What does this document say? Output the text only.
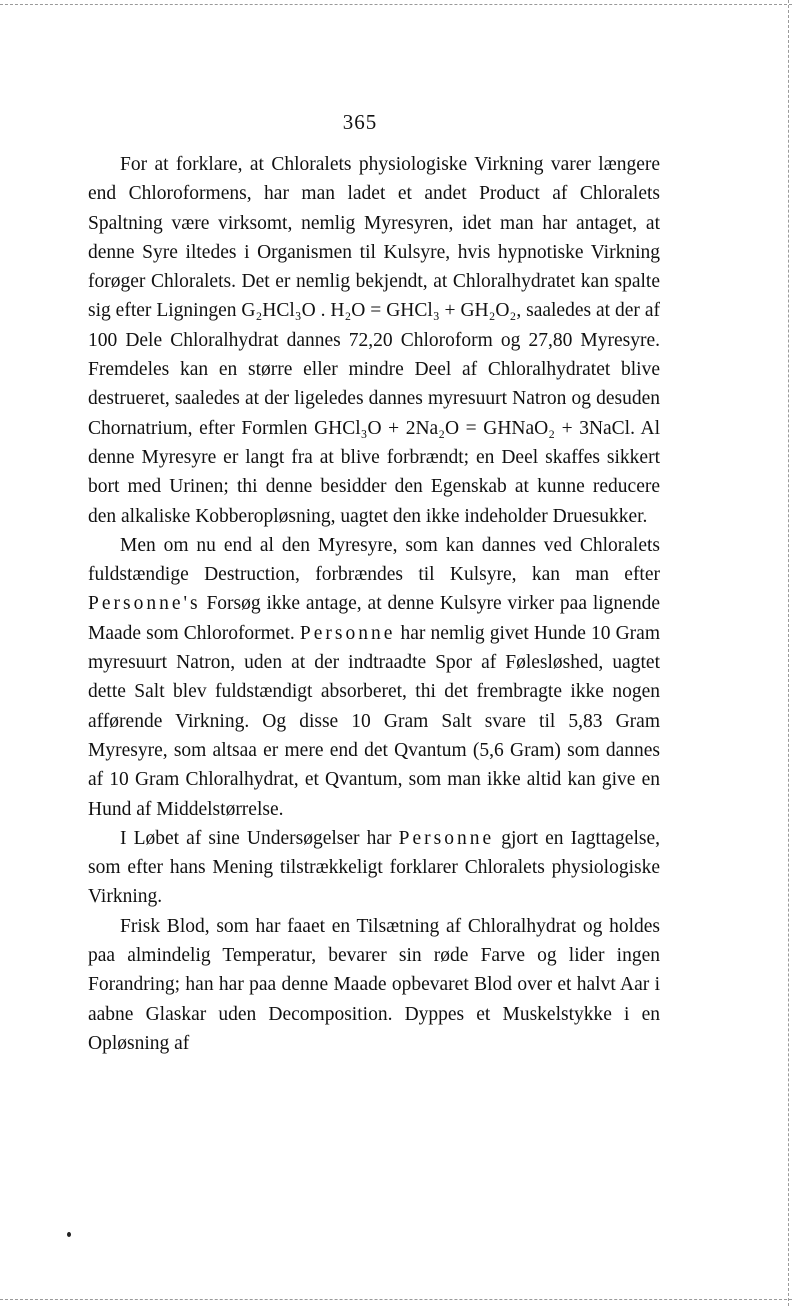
365

For at forklare, at Chloralets physiologiske Virkning varer længere end Chloroformens, har man ladet et andet Product af Chloralets Spaltning være virksomt, nemlig Myresyren, idet man har antaget, at denne Syre iltedes i Organismen til Kulsyre, hvis hypnotiske Virkning forøger Chloralets. Det er nemlig bekjendt, at Chloralhydratet kan spalte sig efter Ligningen G₂HCl₃O . H₂O = GHCl₃ + GH₂O₂, saaledes at der af 100 Dele Chloralhydrat dannes 72,20 Chloroform og 27,80 Myresyre. Fremdeles kan en større eller mindre Deel af Chloralhydratet blive destrueret, saaledes at der ligeledes dannes myresuurt Natron og desuden Chornatrium, efter Formlen GHCl₃O + 2Na₂O = GHNaO₂ + 3NaCl. Al denne Myresyre er langt fra at blive forbrændt; en Deel skaffes sikkert bort med Urinen; thi denne besidder den Egenskab at kunne reducere den alkaliske Kobberopløsning, uagtet den ikke indeholder Druesukker.

Men om nu end al den Myresyre, som kan dannes ved Chloralets fuldstændige Destruction, forbrændes til Kulsyre, kan man efter Personne's Forsøg ikke antage, at denne Kulsyre virker paa lignende Maade som Chloroformet. Personne har nemlig givet Hunde 10 Gram myresuurt Natron, uden at der indtraadte Spor af Følesløshed, uagtet dette Salt blev fuldstændigt absorberet, thi det frembragte ikke nogen afførende Virkning. Og disse 10 Gram Salt svare til 5,83 Gram Myresyre, som altsaa er mere end det Qvantum (5,6 Gram) som dannes af 10 Gram Chloralhydrat, et Qvantum, som man ikke altid kan give en Hund af Middelstørrelse.

I Løbet af sine Undersøgelser har Personne gjort en Iagttagelse, som efter hans Mening tilstrækkeligt forklarer Chloralets physiologiske Virkning.

Frisk Blod, som har faaet en Tilsætning af Chloralhydrat og holdes paa almindelig Temperatur, bevarer sin røde Farve og lider ingen Forandring; han har paa denne Maade opbevaret Blod over et halvt Aar i aabne Glaskar uden Decomposition. Dyppes et Muskelstykke i en Opløsning af
